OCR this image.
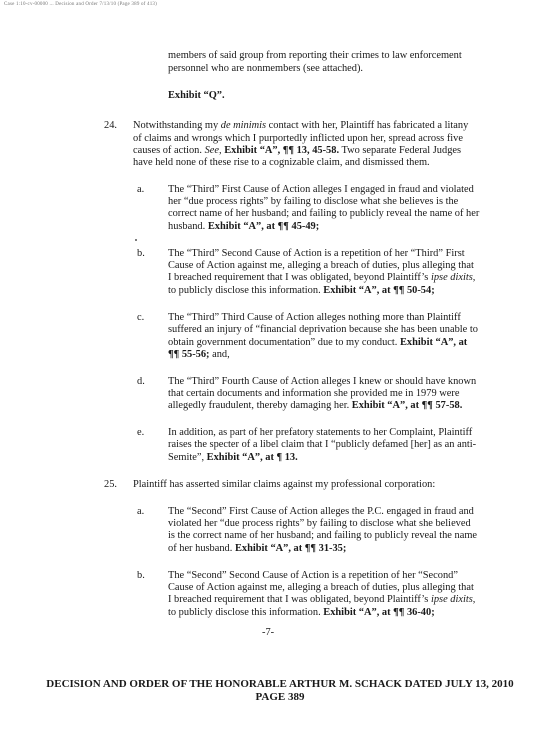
Case 1:10-cv-00000 ... Decision and Order 7/13/10 (Page 389 of 413)
members of said group from reporting their crimes to law enforcement
personnel who are nonmembers (see attached).
Exhibit “Q”.
24. Notwithstanding my de minimis contact with her, Plaintiff has fabricated a litany
of claims and wrongs which I purportedly inflicted upon her, spread across five
causes of action. See, Exhibit “A”, ¶¶ 13, 45-58. Two separate Federal Judges
have held none of these rise to a cognizable claim, and dismissed them.
a. The “Third” First Cause of Action alleges I engaged in fraud and violated
her “due process rights” by failing to disclose what she believes is the
correct name of her husband; and failing to publicly reveal the name of her
husband. Exhibit “A”, at ¶¶ 45-49;
b. The “Third” Second Cause of Action is a repetition of her “Third” First
Cause of Action against me, alleging a breach of duties, plus alleging that
I breached requirement that I was obligated, beyond Plaintiff’s ipse dixits,
to publicly disclose this information. Exhibit “A”, at ¶¶ 50-54;
c. The “Third” Third Cause of Action alleges nothing more than Plaintiff
suffered an injury of “financial deprivation because she has been unable to
obtain government documentation” due to my conduct. Exhibit “A”, at
¶¶ 55-56; and,
d. The “Third” Fourth Cause of Action alleges I knew or should have known
that certain documents and information she provided me in 1979 were
allegedly fraudulent, thereby damaging her. Exhibit “A”, at ¶¶ 57-58.
e. In addition, as part of her prefatory statements to her Complaint, Plaintiff
raises the specter of a libel claim that I “publicly defamed [her] as an anti-
Semite”, Exhibit “A”, at ¶ 13.
25. Plaintiff has asserted similar claims against my professional corporation:
a. The “Second” First Cause of Action alleges the P.C. engaged in fraud and
violated her “due process rights” by failing to disclose what she believed
is the correct name of her husband; and failing to publicly reveal the name
of her husband. Exhibit “A”, at ¶¶ 31-35;
b. The “Second” Second Cause of Action is a repetition of her “Second”
Cause of Action against me, alleging a breach of duties, plus alleging that
I breached requirement that I was obligated, beyond Plaintiff’s ipse dixits,
to publicly disclose this information. Exhibit “A”, at ¶¶ 36-40;
-7-
DECISION AND ORDER OF THE HONORABLE ARTHUR M. SCHACK DATED JULY 13, 2010
PAGE 389
